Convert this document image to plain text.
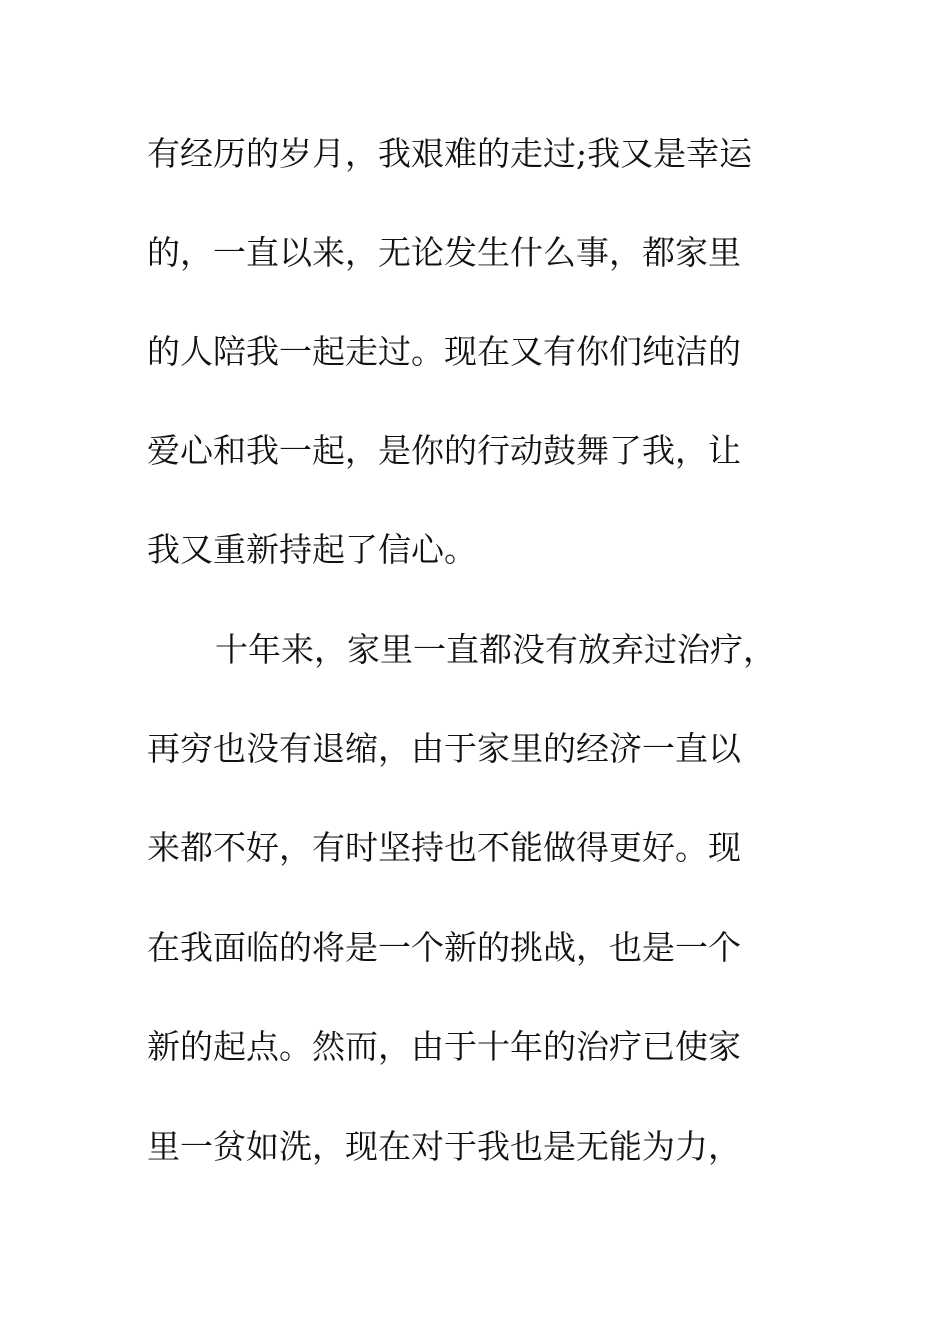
有经历的岁月，我艰难的走过;我又是幸运
的，一直以来，无论发生什么事，都家里
的人陪我一起走过。现在又有你们纯洁的
爱心和我一起，是你的行动鼓舞了我，让
我又重新持起了信心。
十年来，家里一直都没有放弃过治疗，
再穷也没有退缩，由于家里的经济一直以
来都不好，有时坚持也不能做得更好。现
在我面临的将是一个新的挑战，也是一个
新的起点。然而，由于十年的治疗已使家
里一贫如洗，现在对于我也是无能为力，
